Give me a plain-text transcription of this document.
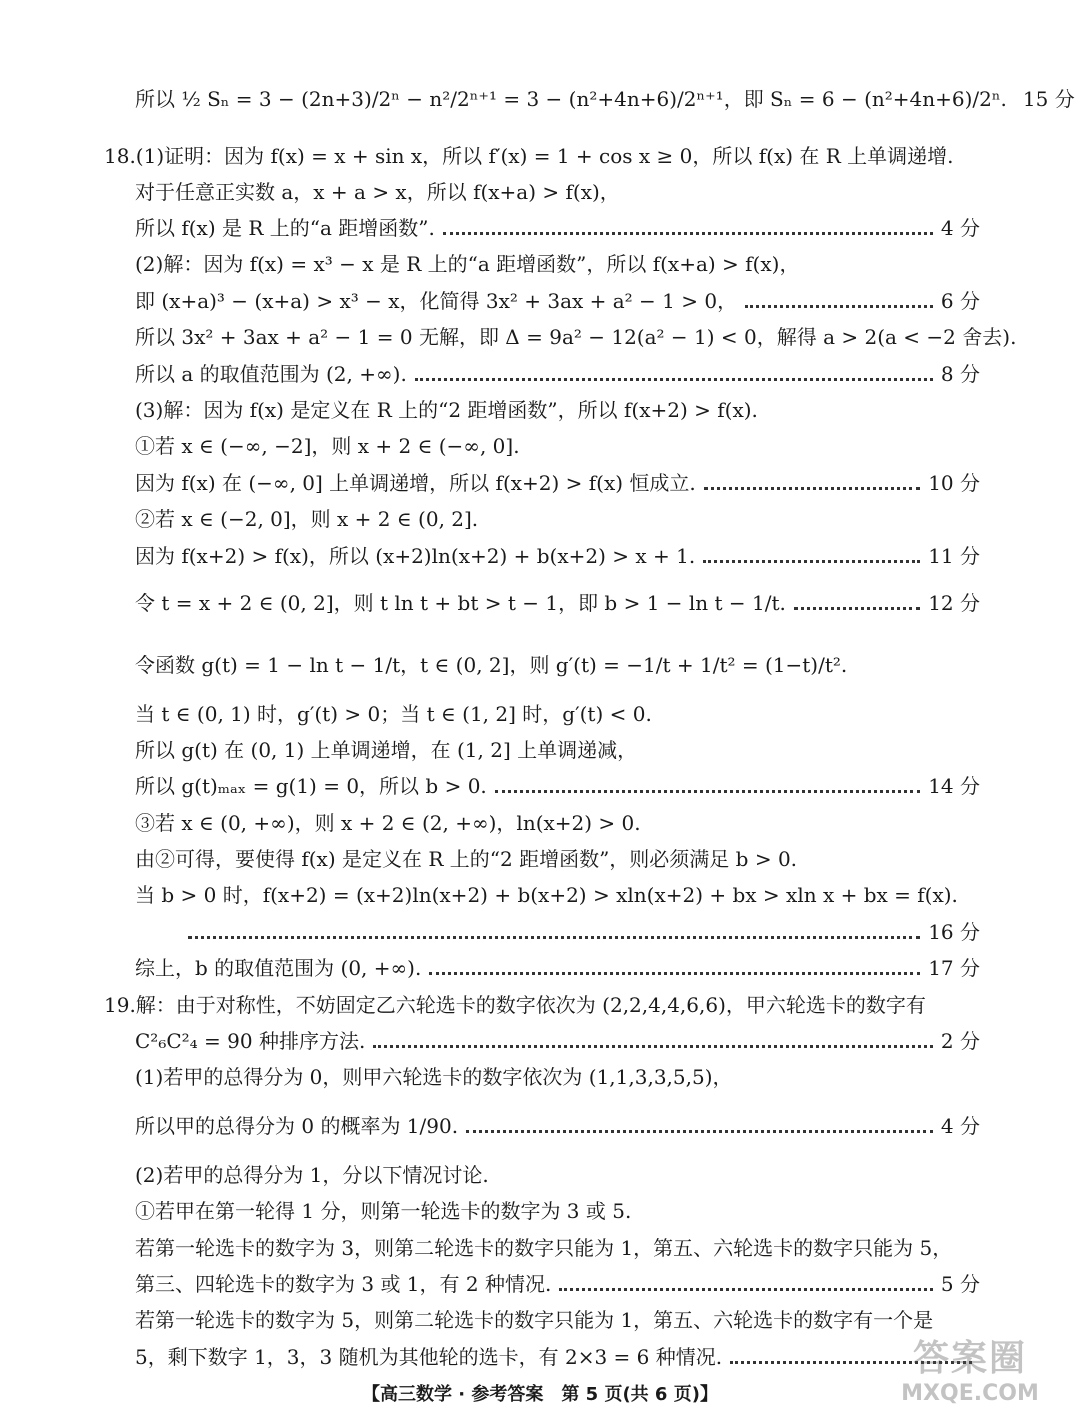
所以 ½ Sₙ = 3 − (2n+3)/2ⁿ − n²/2ⁿ⁺¹ = 3 − (n²+4n+6)/2ⁿ⁺¹，即 Sₙ = 6 − (n²+4n+6)/2ⁿ. 15 分
18.(1)证明：因为 f(x) = x + sin x，所以 f′(x) = 1 + cos x ≥ 0，所以 f(x) 在 R 上单调递增.
对于任意正实数 a，x + a > x，所以 f(x+a) > f(x)，
所以 f(x) 是 R 上的“a 距增函数”.	4 分
(2)解：因为 f(x) = x³ − x 是 R 上的“a 距增函数”，所以 f(x+a) > f(x)，
即 (x+a)³ − (x+a) > x³ − x，化简得 3x² + 3ax + a² − 1 > 0，	6 分
所以 3x² + 3ax + a² − 1 = 0 无解，即 Δ = 9a² − 12(a² − 1) < 0，解得 a > 2(a < −2 舍去).
所以 a 的取值范围为 (2, +∞).	8 分
(3)解：因为 f(x) 是定义在 R 上的“2 距增函数”，所以 f(x+2) > f(x).
①若 x ∈ (−∞, −2]，则 x + 2 ∈ (−∞, 0].
因为 f(x) 在 (−∞, 0] 上单调递增，所以 f(x+2) > f(x) 恒成立.	10 分
②若 x ∈ (−2, 0]，则 x + 2 ∈ (0, 2].
因为 f(x+2) > f(x)，所以 (x+2)ln(x+2) + b(x+2) > x + 1.	11 分
令 t = x + 2 ∈ (0, 2]，则 t ln t + bt > t − 1，即 b > 1 − ln t − 1/t.	12 分
令函数 g(t) = 1 − ln t − 1/t，t ∈ (0, 2]，则 g′(t) = −1/t + 1/t² = (1−t)/t².
当 t ∈ (0, 1) 时，g′(t) > 0；当 t ∈ (1, 2] 时，g′(t) < 0.
所以 g(t) 在 (0, 1) 上单调递增，在 (1, 2] 上单调递减，
所以 g(t)ₘₐₓ = g(1) = 0，所以 b > 0.	14 分
③若 x ∈ (0, +∞)，则 x + 2 ∈ (2, +∞)，ln(x+2) > 0.
由②可得，要使得 f(x) 是定义在 R 上的“2 距增函数”，则必须满足 b > 0.
当 b > 0 时，f(x+2) = (x+2)ln(x+2) + b(x+2) > xln(x+2) + bx > xln x + bx = f(x).
16 分
综上，b 的取值范围为 (0, +∞).	17 分
19.解：由于对称性，不妨固定乙六轮选卡的数字依次为 (2,2,4,4,6,6)，甲六轮选卡的数字有
C²₆C²₄ = 90 种排序方法.	2 分
(1)若甲的总得分为 0，则甲六轮选卡的数字依次为 (1,1,3,3,5,5)，
所以甲的总得分为 0 的概率为 1/90.	4 分
(2)若甲的总得分为 1，分以下情况讨论.
①若甲在第一轮得 1 分，则第一轮选卡的数字为 3 或 5.
若第一轮选卡的数字为 3，则第二轮选卡的数字只能为 1，第五、六轮选卡的数字只能为 5，
第三、四轮选卡的数字为 3 或 1，有 2 种情况.	5 分
若第一轮选卡的数字为 5，则第二轮选卡的数字只能为 1，第五、六轮选卡的数字有一个是
5，剩下数字 1，3，3 随机为其他轮的选卡，有 2×3 = 6 种情况.
【高三数学 · 参考答案　第 5 页(共 6 页)】
答案圈
MXQE.COM
